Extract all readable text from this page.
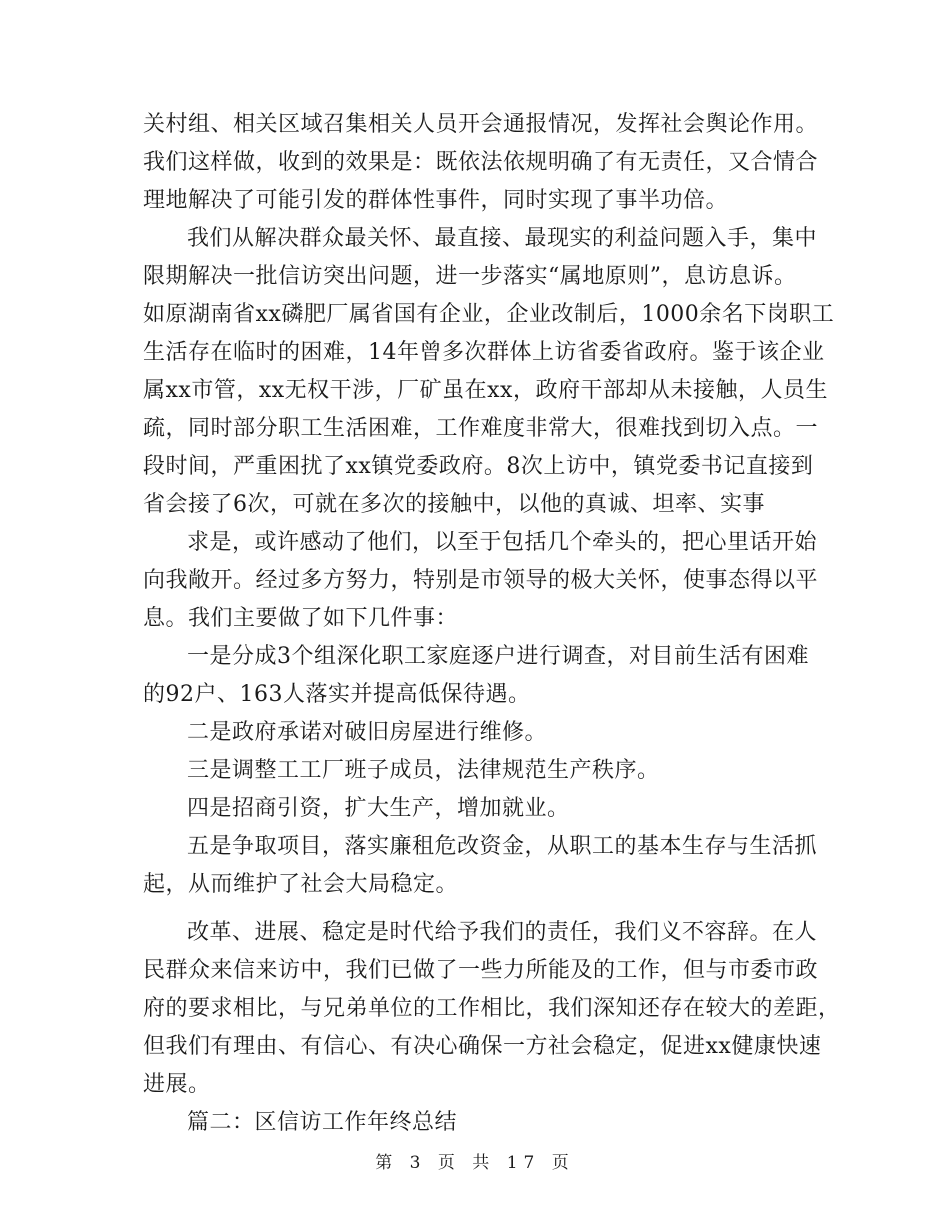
关村组、相关区域召集相关人员开会通报情况，发挥社会舆论作用。
我们这样做，收到的效果是：既依法依规明确了有无责任，又合情合
理地解决了可能引发的群体性事件，同时实现了事半功倍。
我们从解决群众最关怀、最直接、最现实的利益问题入手，集中
限期解决一批信访突出问题，进一步落实“属地原则”，息访息诉。
如原湖南省xx磷肥厂属省国有企业，企业改制后，1000余名下岗职工
生活存在临时的困难，14年曾多次群体上访省委省政府。鉴于该企业
属xx市管，xx无权干涉，厂矿虽在xx，政府干部却从未接触，人员生
疏，同时部分职工生活困难，工作难度非常大，很难找到切入点。一
段时间，严重困扰了xx镇党委政府。8次上访中，镇党委书记直接到
省会接了6次，可就在多次的接触中，以他的真诚、坦率、实事
求是，或许感动了他们，以至于包括几个牵头的，把心里话开始
向我敞开。经过多方努力，特别是市领导的极大关怀，使事态得以平
息。我们主要做了如下几件事：
一是分成3个组深化职工家庭逐户进行调查，对目前生活有困难
的92户、163人落实并提高低保待遇。
二是政府承诺对破旧房屋进行维修。
三是调整工工厂班子成员，法律规范生产秩序。
四是招商引资，扩大生产，增加就业。
五是争取项目，落实廉租危改资金，从职工的基本生存与生活抓
起，从而维护了社会大局稳定。
改革、进展、稳定是时代给予我们的责任，我们义不容辞。在人
民群众来信来访中，我们已做了一些力所能及的工作，但与市委市政
府的要求相比，与兄弟单位的工作相比，我们深知还存在较大的差距，
但我们有理由、有信心、有决心确保一方社会稳定，促进xx健康快速
进展。
篇二：区信访工作年终总结
第 3 页 共 17 页
